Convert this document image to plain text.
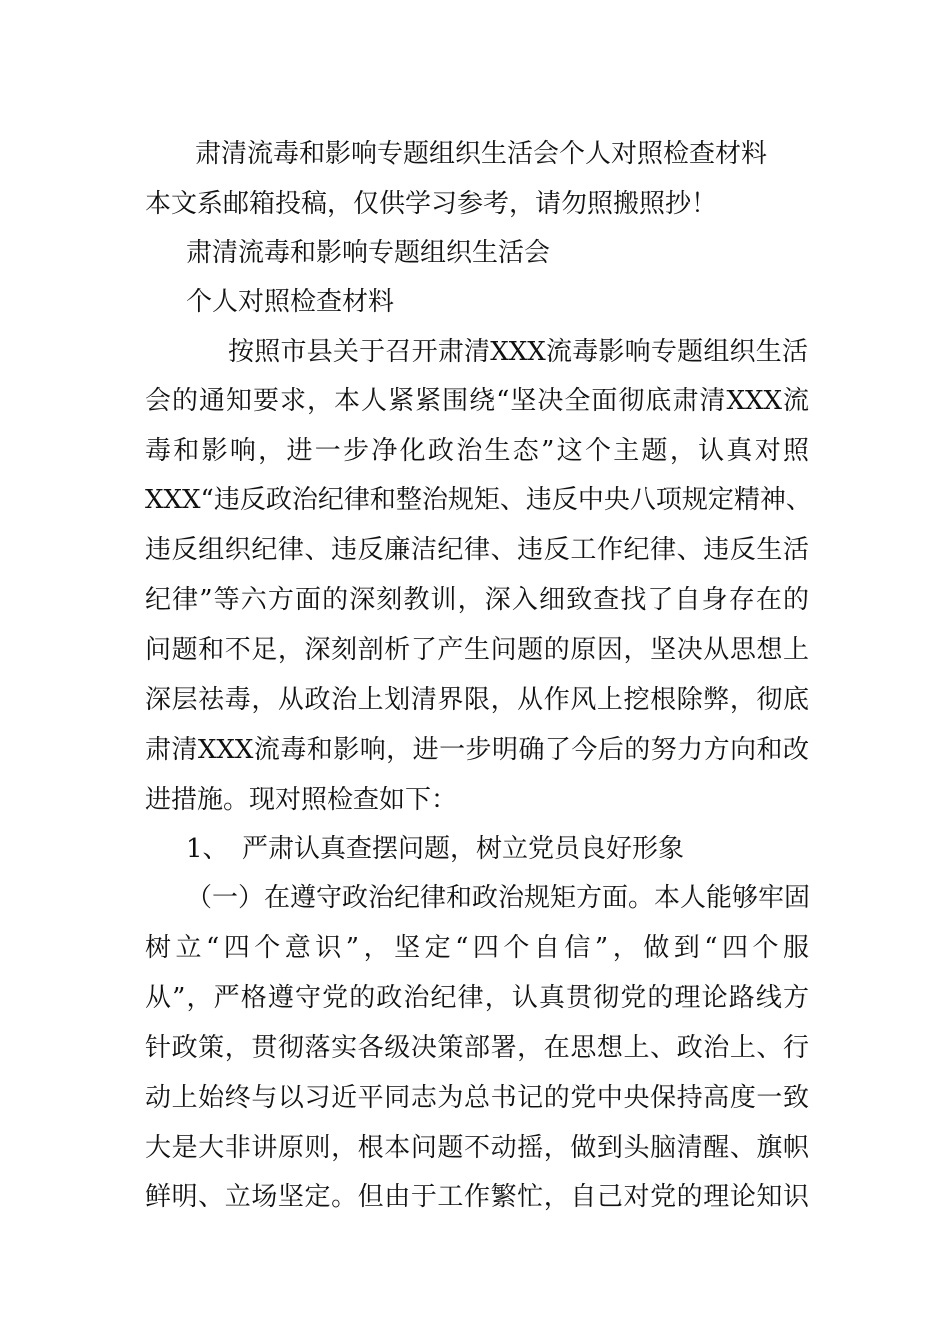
肃清流毒和影响专题组织生活会个人对照检查材料
本文系邮箱投稿，仅供学习参考，请勿照搬照抄！
肃清流毒和影响专题组织生活会
个人对照检查材料
按照市县关于召开肃清XXX流毒影响专题组织生活
会的通知要求，本人紧紧围绕“坚决全面彻底肃清XXX流
毒和影响，进一步净化政治生态”这个主题，认真对照
XXX“违反政治纪律和整治规矩、违反中央八项规定精神、
违反组织纪律、违反廉洁纪律、违反工作纪律、违反生活
纪律”等六方面的深刻教训，深入细致查找了自身存在的
问题和不足，深刻剖析了产生问题的原因，坚决从思想上
深层祛毒，从政治上划清界限，从作风上挖根除弊，彻底
肃清XXX流毒和影响，进一步明确了今后的努力方向和改
进措施。现对照检查如下：
1、 严肃认真查摆问题，树立党员良好形象
（一）在遵守政治纪律和政治规矩方面。本人能够牢固
树立“四个意识”，坚定“四个自信”，做到“四个服
从”，严格遵守党的政治纪律，认真贯彻党的理论路线方
针政策，贯彻落实各级决策部署，在思想上、政治上、行
动上始终与以习近平同志为总书记的党中央保持高度一致
大是大非讲原则，根本问题不动摇，做到头脑清醒、旗帜
鲜明、立场坚定。但由于工作繁忙，自己对党的理论知识
